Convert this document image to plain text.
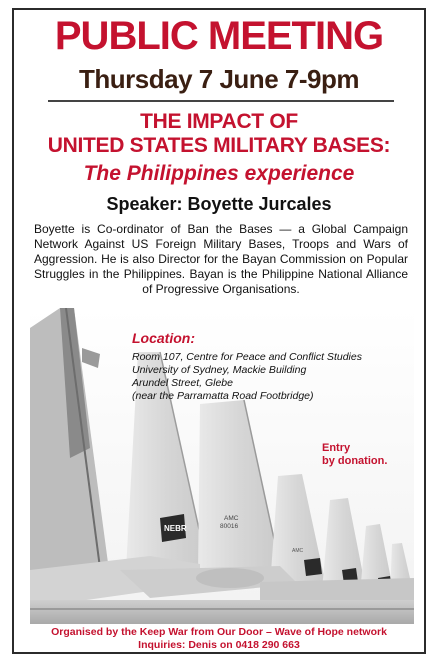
PUBLIC MEETING
Thursday 7 June 7-9pm
THE IMPACT OF
UNITED STATES MILITARY BASES:
The Philippines experience
Speaker: Boyette Jurcales
Boyette is Co-ordinator of Ban the Bases — a Global Campaign Network Against US Foreign Military Bases, Troops and Wars of Aggression. He is also Director for the Bayan Commission on Popular Struggles in the Philippines. Bayan is the Philippine National Alliance of Progressive Organisations.
NEBR
AMC
80016
AMC
Location:
Room 107, Centre for Peace and Conflict Studies
University of Sydney, Mackie Building
Arundel Street, Glebe
(near the Parramatta Road Footbridge)
Entry
by donation.
Organised by the Keep War from Our Door – Wave of Hope network
Inquiries: Denis on 0418 290 663
